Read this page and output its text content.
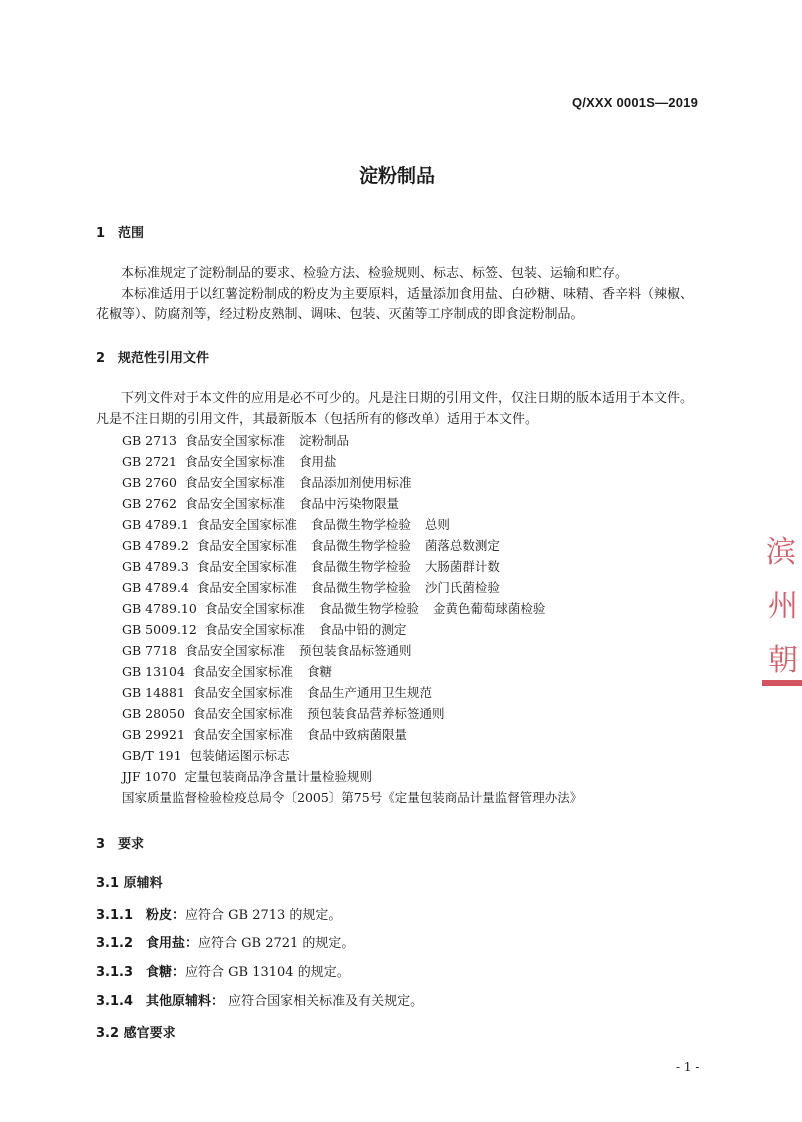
Q/XXX 0001S—2019
淀粉制品
1 范围
本标准规定了淀粉制品的要求、检验方法、检验规则、标志、标签、包装、运输和贮存。
本标准适用于以红薯淀粉制成的粉皮为主要原料，适量添加食用盐、白砂糖、味精、香辛料（辣椒、
花椒等）、防腐剂等，经过粉皮熟制、调味、包装、灭菌等工序制成的即食淀粉制品。
2 规范性引用文件
下列文件对于本文件的应用是必不可少的。凡是注日期的引用文件，仅注日期的版本适用于本文件。
凡是不注日期的引用文件，其最新版本（包括所有的修改单）适用于本文件。
GB 2713 食品安全国家标准 淀粉制品
GB 2721 食品安全国家标准 食用盐
GB 2760 食品安全国家标准 食品添加剂使用标准
GB 2762 食品安全国家标准 食品中污染物限量
GB 4789.1 食品安全国家标准 食品微生物学检验 总则
GB 4789.2 食品安全国家标准 食品微生物学检验 菌落总数测定
GB 4789.3 食品安全国家标准 食品微生物学检验 大肠菌群计数
GB 4789.4 食品安全国家标准 食品微生物学检验 沙门氏菌检验
GB 4789.10 食品安全国家标准 食品微生物学检验 金黄色葡萄球菌检验
GB 5009.12 食品安全国家标准 食品中铅的测定
GB 7718 食品安全国家标准 预包装食品标签通则
GB 13104 食品安全国家标准 食糖
GB 14881 食品安全国家标准 食品生产通用卫生规范
GB 28050 食品安全国家标准 预包装食品营养标签通则
GB 29921 食品安全国家标准 食品中致病菌限量
GB/T 191 包装储运图示标志
JJF 1070 定量包装商品净含量计量检验规则
国家质量监督检验检疫总局令〔2005〕第75号《定量包装商品计量监督管理办法》
3 要求
3.1 原辅料
3.1.1 粉皮：应符合 GB 2713 的规定。
3.1.2 食用盐：应符合 GB 2721 的规定。
3.1.3 食糖：应符合 GB 13104 的规定。
3.1.4 其他原辅料： 应符合国家相关标准及有关规定。
3.2 感官要求
- 1 -
滨
州
朝
